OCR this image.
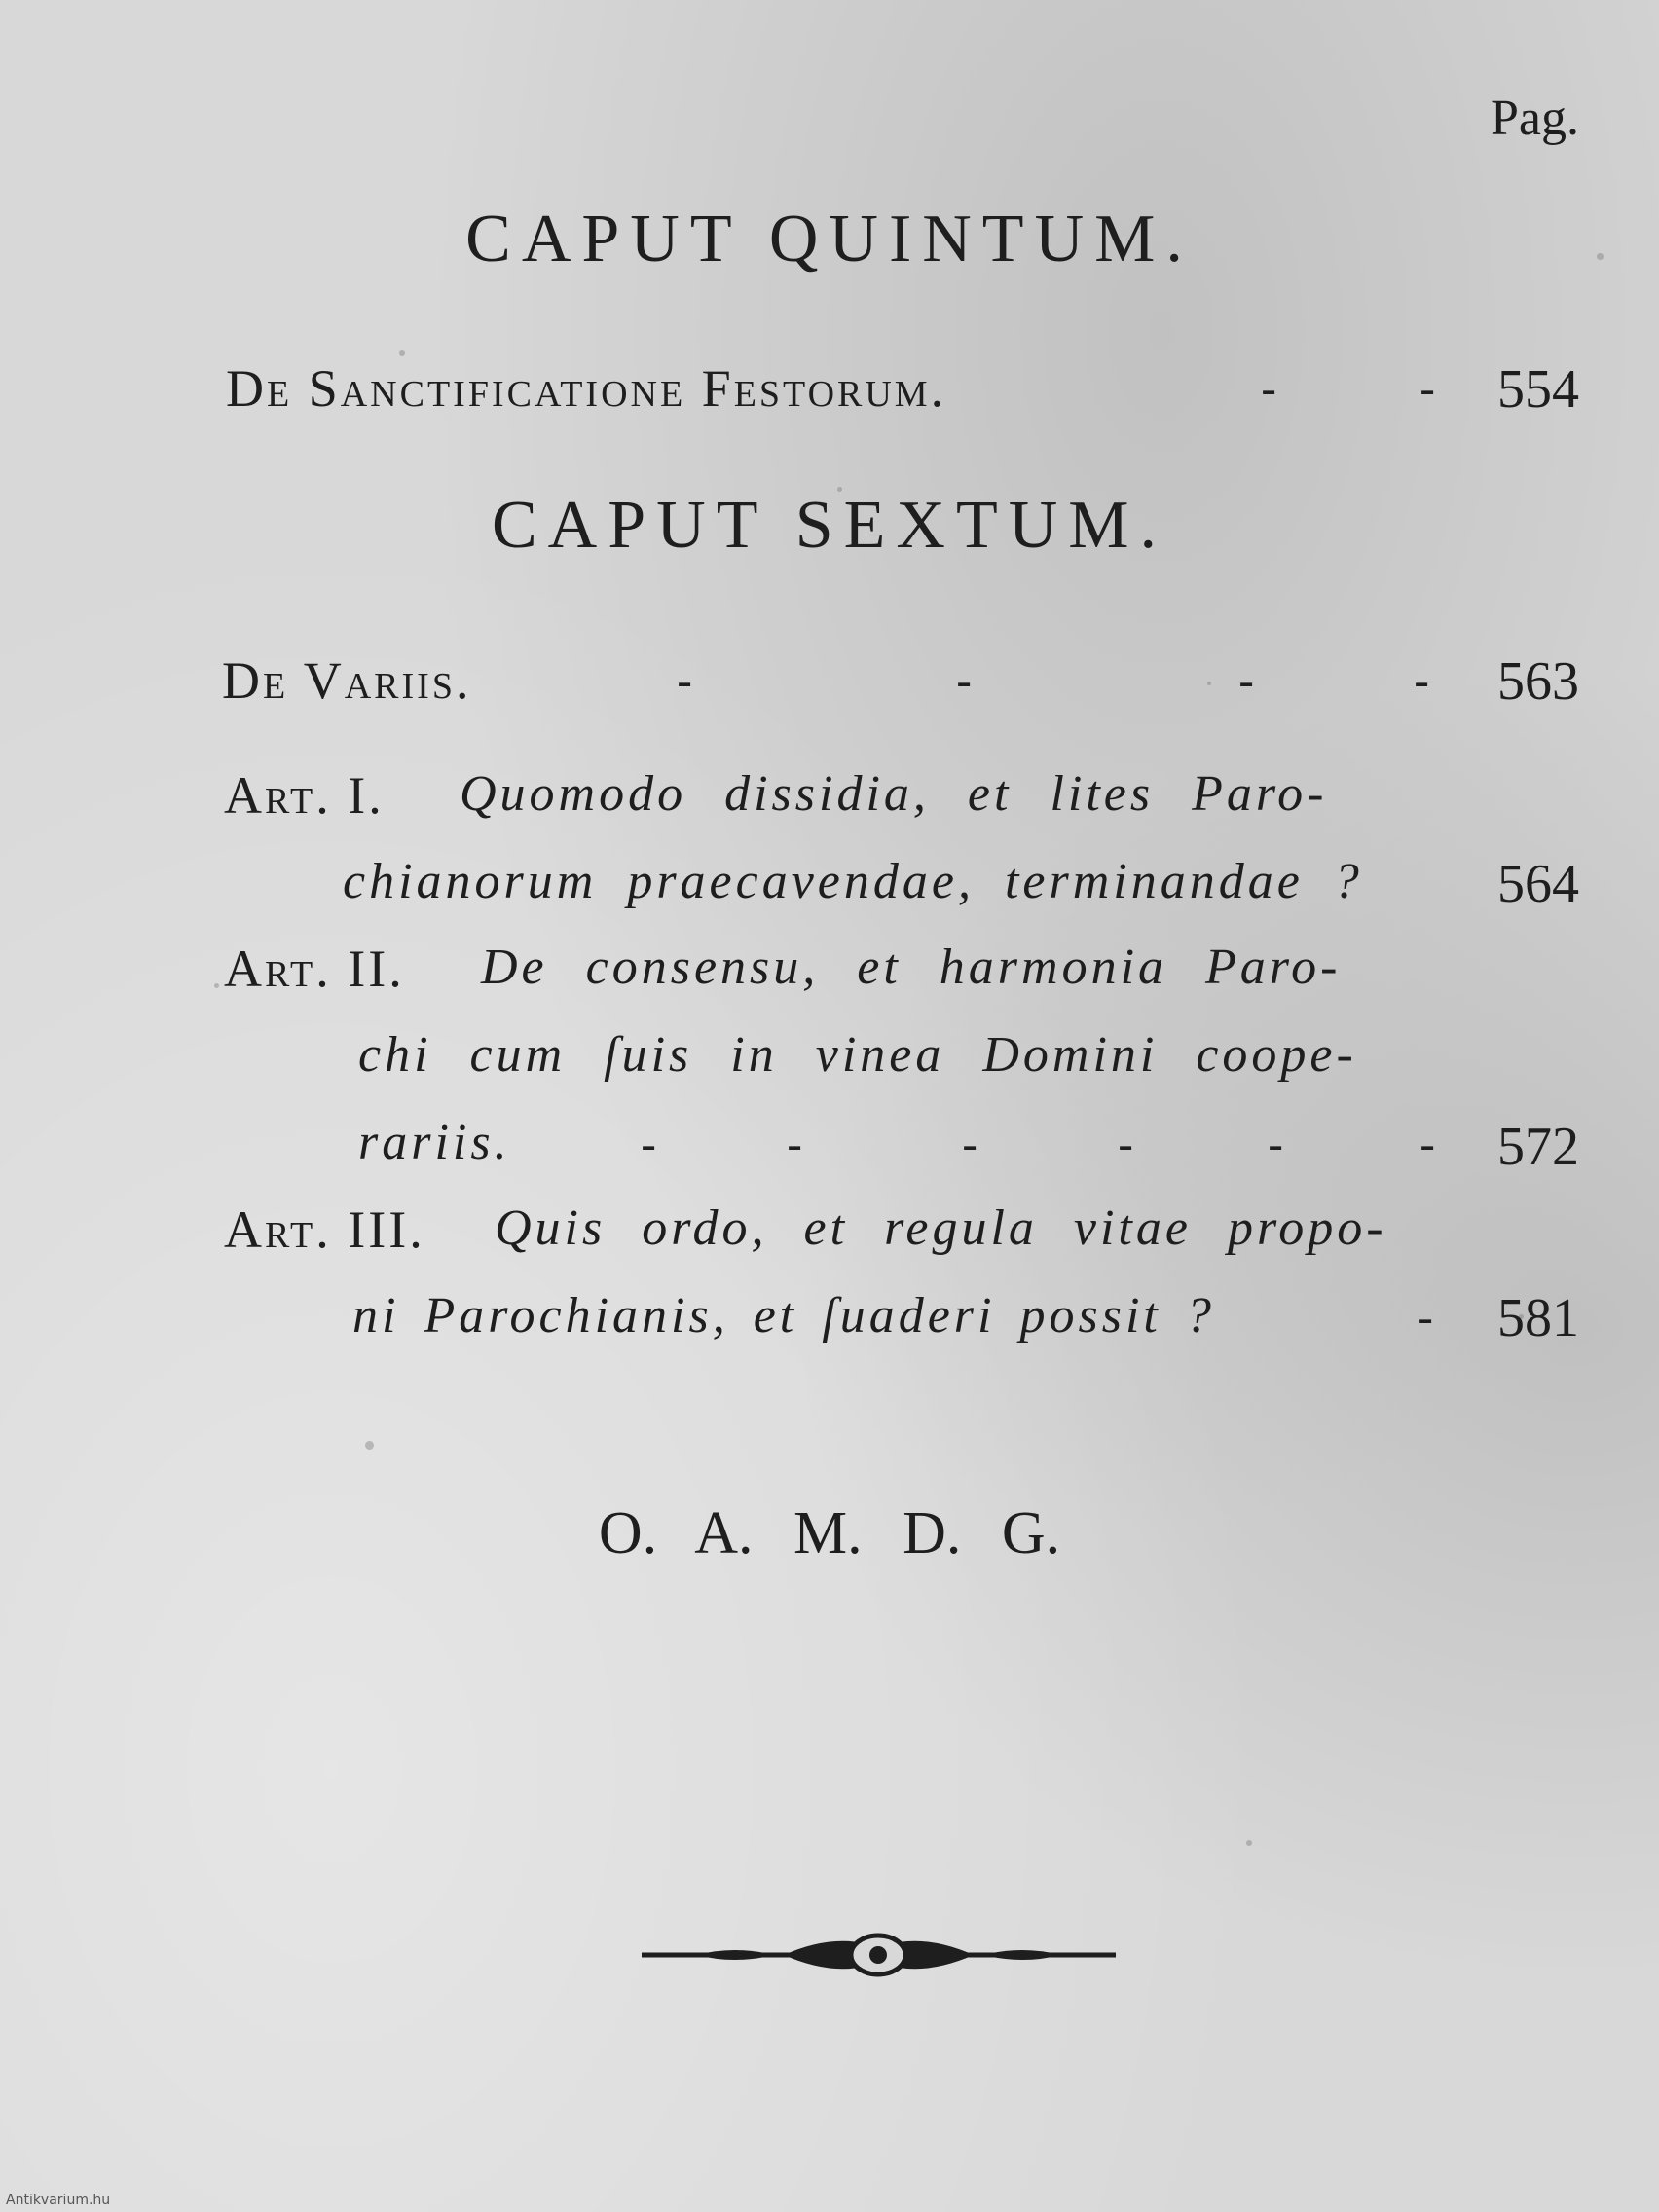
Pag.
CAPUT QUINTUM.
De Sanctificatione Festorum.	-	- 554
CAPUT SEXTUM.
De Variis.	-	-	-	- 563
Art. I. Quomodo dissidia, et lites Paro-
chianorum praecavendae, terminandae ? 564
Art. II. De consensu, et harmonia Paro-
chi cum ſuis in vinea Domini coope-
rariis.	-	-	-	-	-	- 572
Art. III. Quis ordo, et regula vitae propo-
ni Parochianis, et ſuaderi possit ?	- 581
O. A. M. D. G.
Antikvarium.hu
